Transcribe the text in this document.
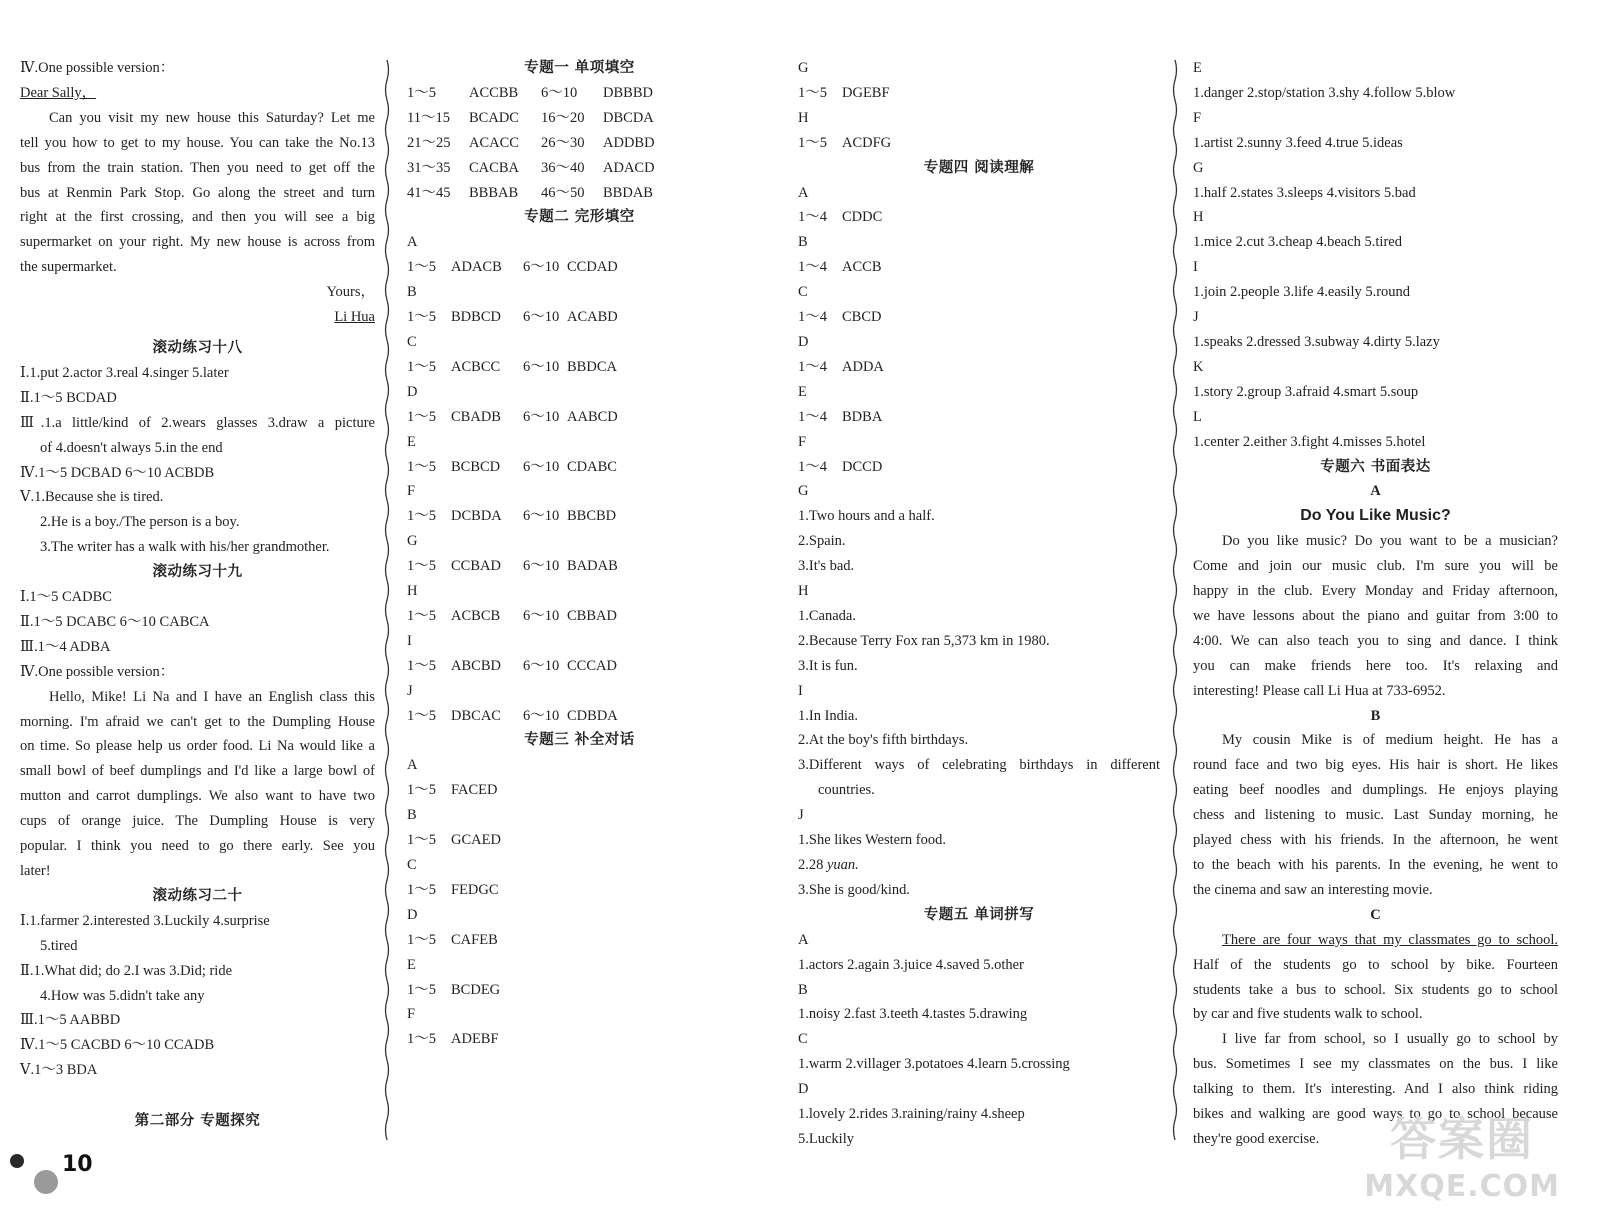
Ⅳ.One possible version：
Dear Sally，
Can you visit my new house this Saturday? Let me
tell you how to get to my house. You can take the No.13
bus from the train station. Then you need to get off the
bus at Renmin Park Stop. Go along the street and turn
right at the first crossing, and then you will see a big
supermarket on your right. My new house is across from
the supermarket.
Yours，
Li Hua
滚动练习十八
Ⅰ.1.put 2.actor 3.real 4.singer 5.later
Ⅱ.1～5 BCDAD
Ⅲ.1.a little/kind of 2.wears glasses 3.draw a picture
of 4.doesn't always 5.in the end
Ⅳ.1～5 DCBAD 6～10 ACBDB
Ⅴ.1.Because she is tired.
2.He is a boy./The person is a boy.
3.The writer has a walk with his/her grandmother.
滚动练习十九
Ⅰ.1～5 CADBC
Ⅱ.1～5 DCABC 6～10 CABCA
Ⅲ.1～4 ADBA
Ⅳ.One possible version：
Hello, Mike! Li Na and I have an English class this
morning. I'm afraid we can't get to the Dumpling House
on time. So please help us order food. Li Na would like a
small bowl of beef dumplings and I'd like a large bowl of
mutton and carrot dumplings. We also want to have two
cups of orange juice. The Dumpling House is very
popular. I think you need to go there early. See you
later!
滚动练习二十
Ⅰ.1.farmer 2.interested 3.Luckily 4.surprise
5.tired
Ⅱ.1.What did; do 2.I was 3.Did; ride
4.How was 5.didn't take any
Ⅲ.1～5 AABBD
Ⅳ.1～5 CACBD 6～10 CCADB
Ⅴ.1～3 BDA
第二部分 专题探究
10
专题一 单项填空
1～5 ACCBB 6～10 DBBBD
11～15 BCADC 16～20 DBCDA
21～25 ACACC 26～30 ADDBD
31～35 CACBA 36～40 ADACD
41～45 BBBAB 46～50 BBDAB
专题二 完形填空
A
1～5 ADACB 6～10 CCDAD
B
1～5 BDBCD 6～10 ACABD
C
1～5 ACBCC 6～10 BBDCA
D
1～5 CBADB 6～10 AABCD
E
1～5 BCBCD 6～10 CDABC
F
1～5 DCBDA 6～10 BBCBD
G
1～5 CCBAD 6～10 BADAB
H
1～5 ACBCB 6～10 CBBAD
I
1～5 ABCBD 6～10 CCCAD
J
1～5 DBCAC 6～10 CDBDA
专题三 补全对话
A
1～5 FACED
B
1～5 GCAED
C
1～5 FEDGC
D
1～5 CAFEB
E
1～5 BCDEG
F
1～5 ADEBF
G
1～5 DGEBF
H
1～5 ACDFG
专题四 阅读理解
A
1～4 CDDC
B
1～4 ACCB
C
1～4 CBCD
D
1～4 ADDA
E
1～4 BDBA
F
1～4 DCCD
G
1.Two hours and a half.
2.Spain.
3.It's bad.
H
1.Canada.
2.Because Terry Fox ran 5,373 km in 1980.
3.It is fun.
I
1.In India.
2.At the boy's fifth birthdays.
3.Different ways of celebrating birthdays in different
countries.
J
1.She likes Western food.
2.28 yuan.
3.She is good/kind.
专题五 单词拼写
A
1.actors 2.again 3.juice 4.saved 5.other
B
1.noisy 2.fast 3.teeth 4.tastes 5.drawing
C
1.warm 2.villager 3.potatoes 4.learn 5.crossing
D
1.lovely 2.rides 3.raining/rainy 4.sheep
5.Luckily
E
1.danger 2.stop/station 3.shy 4.follow 5.blow
F
1.artist 2.sunny 3.feed 4.true 5.ideas
G
1.half 2.states 3.sleeps 4.visitors 5.bad
H
1.mice 2.cut 3.cheap 4.beach 5.tired
I
1.join 2.people 3.life 4.easily 5.round
J
1.speaks 2.dressed 3.subway 4.dirty 5.lazy
K
1.story 2.group 3.afraid 4.smart 5.soup
L
1.center 2.either 3.fight 4.misses 5.hotel
专题六 书面表达
A
Do You Like Music?
Do you like music? Do you want to be a musician?
Come and join our music club. I'm sure you will be
happy in the club. Every Monday and Friday afternoon,
we have lessons about the piano and guitar from 3:00 to
4:00. We can also teach you to sing and dance. I think
you can make friends here too. It's relaxing and
interesting! Please call Li Hua at 733-6952.
B
My cousin Mike is of medium height. He has a
round face and two big eyes. His hair is short. He likes
eating beef noodles and dumplings. He enjoys playing
chess and listening to music. Last Sunday morning, he
played chess with his friends. In the afternoon, he went
to the beach with his parents. In the evening, he went to
the cinema and saw an interesting movie.
C
There are four ways that my classmates go to school.
Half of the students go to school by bike. Fourteen
students take a bus to school. Six students go to school
by car and five students walk to school.
I live far from school, so I usually go to school by
bus. Sometimes I see my classmates on the bus. I like
talking to them. It's interesting. And I also think riding
bikes and walking are good ways to go to school because
they're good exercise.	答案圈
MXQE.COM
